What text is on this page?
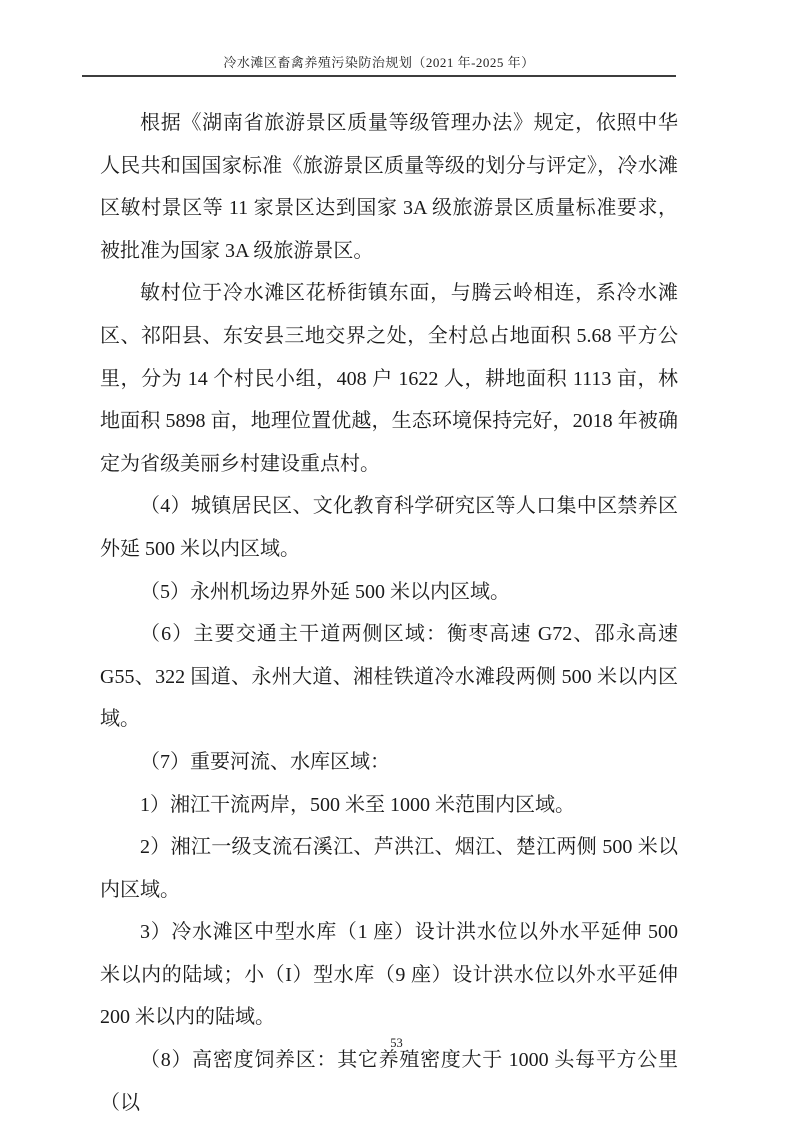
冷水滩区畜禽养殖污染防治规划（2021 年-2025 年）

根据《湖南省旅游景区质量等级管理办法》规定，依照中华人民共和国国家标准《旅游景区质量等级的划分与评定》，冷水滩区敏村景区等 11 家景区达到国家 3A 级旅游景区质量标准要求，被批准为国家 3A 级旅游景区。

敏村位于冷水滩区花桥街镇东面，与腾云岭相连，系冷水滩区、祁阳县、东安县三地交界之处，全村总占地面积 5.68 平方公里，分为 14 个村民小组，408 户 1622 人，耕地面积 1113 亩，林地面积 5898 亩，地理位置优越，生态环境保持完好，2018 年被确定为省级美丽乡村建设重点村。

（4）城镇居民区、文化教育科学研究区等人口集中区禁养区外延 500 米以内区域。

（5）永州机场边界外延 500 米以内区域。

（6）主要交通主干道两侧区域：衡枣高速 G72、邵永高速 G55、322 国道、永州大道、湘桂铁道冷水滩段两侧 500 米以内区域。

（7）重要河流、水库区域：

1）湘江干流两岸，500 米至 1000 米范围内区域。

2）湘江一级支流石溪江、芦洪江、烟江、楚江两侧 500 米以内区域。

3）冷水滩区中型水库（1 座）设计洪水位以外水平延伸 500 米以内的陆域；小（I）型水库（9 座）设计洪水位以外水平延伸 200 米以内的陆域。

（8）高密度饲养区：其它养殖密度大于 1000 头每平方公里（以

53
